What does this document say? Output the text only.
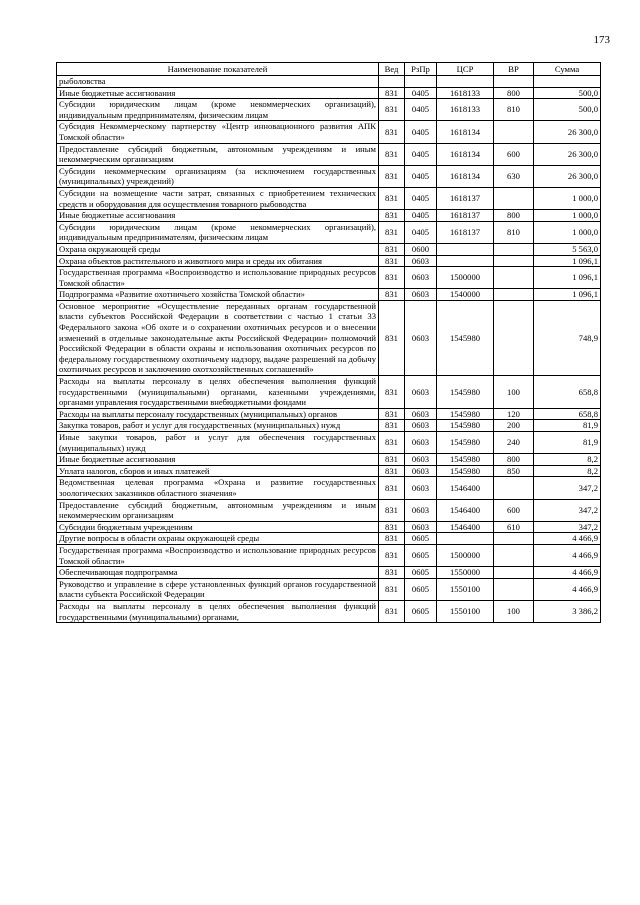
173
Наименование показателей	Вед	РзПр	ЦСР	ВР	Сумма
рыболовства					
Иные бюджетные ассигнования	831	0405	1618133	800	500,0
Субсидии юридическим лицам (кроме некоммерческих организаций), индивидуальным предпринимателям, физическим лицам	831	0405	1618133	810	500,0
Субсидия Некоммерческому партнерству «Центр инновационного развития АПК Томской области»	831	0405	1618134		26 300,0
Предоставление субсидий бюджетным, автономным учреждениям и иным некоммерческим организациям	831	0405	1618134	600	26 300,0
Субсидии некоммерческим организациям (за исключением государственных (муниципальных) учреждений)	831	0405	1618134	630	26 300,0
Субсидии на возмещение части затрат, связанных с приобретением технических средств и оборудования для осуществления товарного рыбоводства	831	0405	1618137		1 000,0
Иные бюджетные ассигнования	831	0405	1618137	800	1 000,0
Субсидии юридическим лицам (кроме некоммерческих организаций), индивидуальным предпринимателям, физическим лицам	831	0405	1618137	810	1 000,0
Охрана окружающей среды	831	0600			5 563,0
Охрана объектов растительного и животного мира и среды их обитания	831	0603			1 096,1
Государственная программа «Воспроизводство и использование природных ресурсов Томской области»	831	0603	1500000		1 096,1
Подпрограмма «Развитие охотничьего хозяйства Томской области»	831	0603	1540000		1 096,1
Основное мероприятие «Осуществление переданных органам государственной власти субъектов Российской Федерации в соответствии с частью 1 статьи 33 Федерального закона «Об охоте и о сохранении охотничьих ресурсов и о внесении изменений в отдельные законодательные акты Российской Федерации» полномочий Российской Федерации в области охраны и использования охотничьих ресурсов по федеральному государственному охотничьему надзору, выдаче разрешений на добычу охотничьих ресурсов и заключению охотхозяйственных соглашений»	831	0603	1545980		748,9
Расходы на выплаты персоналу в целях обеспечения выполнения функций государственными (муниципальными) органами, казенными учреждениями, органами управления государственными внебюджетными фондами	831	0603	1545980	100	658,8
Расходы на выплаты персоналу государственных (муниципальных) органов	831	0603	1545980	120	658,8
Закупка товаров, работ и услуг для государственных (муниципальных) нужд	831	0603	1545980	200	81,9
Иные закупки товаров, работ и услуг для обеспечения государственных (муниципальных) нужд	831	0603	1545980	240	81,9
Иные бюджетные ассигнования	831	0603	1545980	800	8,2
Уплата налогов, сборов и иных платежей	831	0603	1545980	850	8,2
Ведомственная целевая программа «Охрана и развитие государственных зоологических заказников областного значения»	831	0603	1546400		347,2
Предоставление субсидий бюджетным, автономным учреждениям и иным некоммерческим организациям	831	0603	1546400	600	347,2
Субсидии бюджетным учреждениям	831	0603	1546400	610	347,2
Другие вопросы в области охраны окружающей среды	831	0605			4 466,9
Государственная программа «Воспроизводство и использование природных ресурсов Томской области»	831	0605	1500000		4 466,9
Обеспечивающая подпрограмма	831	0605	1550000		4 466,9
Руководство и управление в сфере установленных функций органов государственной власти субъекта Российской Федерации	831	0605	1550100		4 466,9
Расходы на выплаты персоналу в целях обеспечения выполнения функций государственными (муниципальными) органами,	831	0605	1550100	100	3 386,2
